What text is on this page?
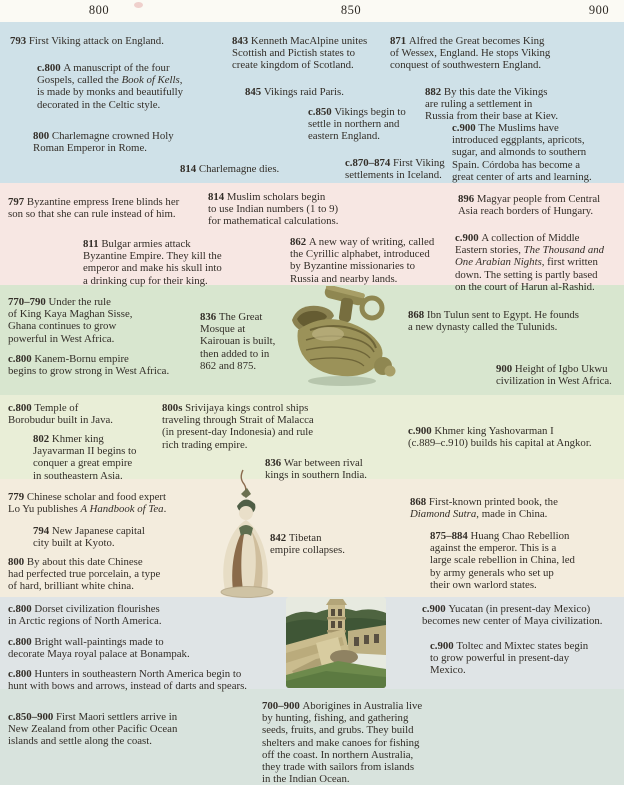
800	850	900
793 First Viking attack on England.
c.800 A manuscript of the four
Gospels, called the Book of Kells,
is made by monks and beautifully
decorated in the Celtic style.
800 Charlemagne crowned Holy
Roman Emperor in Rome.
814 Charlemagne dies.
843 Kenneth MacAlpine unites
Scottish and Pictish states to
create kingdom of Scotland.
845 Vikings raid Paris.
c.850 Vikings begin to
settle in northern and
eastern England.
c.870–874 First Viking
settlements in Iceland.
871 Alfred the Great becomes King
of Wessex, England. He stops Viking
conquest of southwestern England.
882 By this date the Vikings
are ruling a settlement in
Russia from their base at Kiev.
c.900 The Muslims have
introduced eggplants, apricots,
sugar, and almonds to southern
Spain. Córdoba has become a
great center of arts and learning.
797 Byzantine empress Irene blinds her
son so that she can rule instead of him.
811 Bulgar armies attack
Byzantine Empire. They kill the
emperor and make his skull into
a drinking cup for their king.
814 Muslim scholars begin
to use Indian numbers (1 to 9)
for mathematical calculations.
862 A new way of writing, called
the Cyrillic alphabet, introduced
by Byzantine missionaries to
Russia and nearby lands.
896 Magyar people from Central
Asia reach borders of Hungary.
c.900 A collection of Middle
Eastern stories, The Thousand and
One Arabian Nights, first written
down. The setting is partly based
on the court of Harun al-Rashid.
770–790 Under the rule
of King Kaya Maghan Sisse,
Ghana continues to grow
powerful in West Africa.
c.800 Kanem-Bornu empire
begins to grow strong in West Africa.
836 The Great
Mosque at
Kairouan is built,
then added to in
862 and 875.
868 Ibn Tulun sent to Egypt. He founds
a new dynasty called the Tulunids.
900 Height of Igbo Ukwu
civilization in West Africa.
c.800 Temple of
Borobudur built in Java.
802 Khmer king
Jayavarman II begins to
conquer a great empire
in southeastern Asia.
800s Srivijaya kings control ships
traveling through Strait of Malacca
(in present-day Indonesia) and rule
rich trading empire.
836 War between rival
kings in southern India.
c.900 Khmer king Yashovarman I
(c.889–c.910) builds his capital at Angkor.
779 Chinese scholar and food expert
Lo Yu publishes A Handbook of Tea.
794 New Japanese capital
city built at Kyoto.
800 By about this date Chinese
had perfected true porcelain, a type
of hard, brilliant white china.
842 Tibetan
empire collapses.
868 First-known printed book, the
Diamond Sutra, made in China.
875–884 Huang Chao Rebellion
against the emperor. This is a
large scale rebellion in China, led
by army generals who set up
their own warlord states.
c.800 Dorset civilization flourishes
in Arctic regions of North America.
c.800 Bright wall-paintings made to
decorate Maya royal palace at Bonampak.
c.800 Hunters in southeastern North America begin to
hunt with bows and arrows, instead of darts and spears.
c.900 Yucatan (in present-day Mexico)
becomes new center of Maya civilization.
c.900 Toltec and Mixtec states begin
to grow powerful in present-day
Mexico.
c.850–900 First Maori settlers arrive in
New Zealand from other Pacific Ocean
islands and settle along the coast.
700–900 Aborigines in Australia live
by hunting, fishing, and gathering
seeds, fruits, and grubs. They build
shelters and make canoes for fishing
off the coast. In northern Australia,
they trade with sailors from islands
in the Indian Ocean.
